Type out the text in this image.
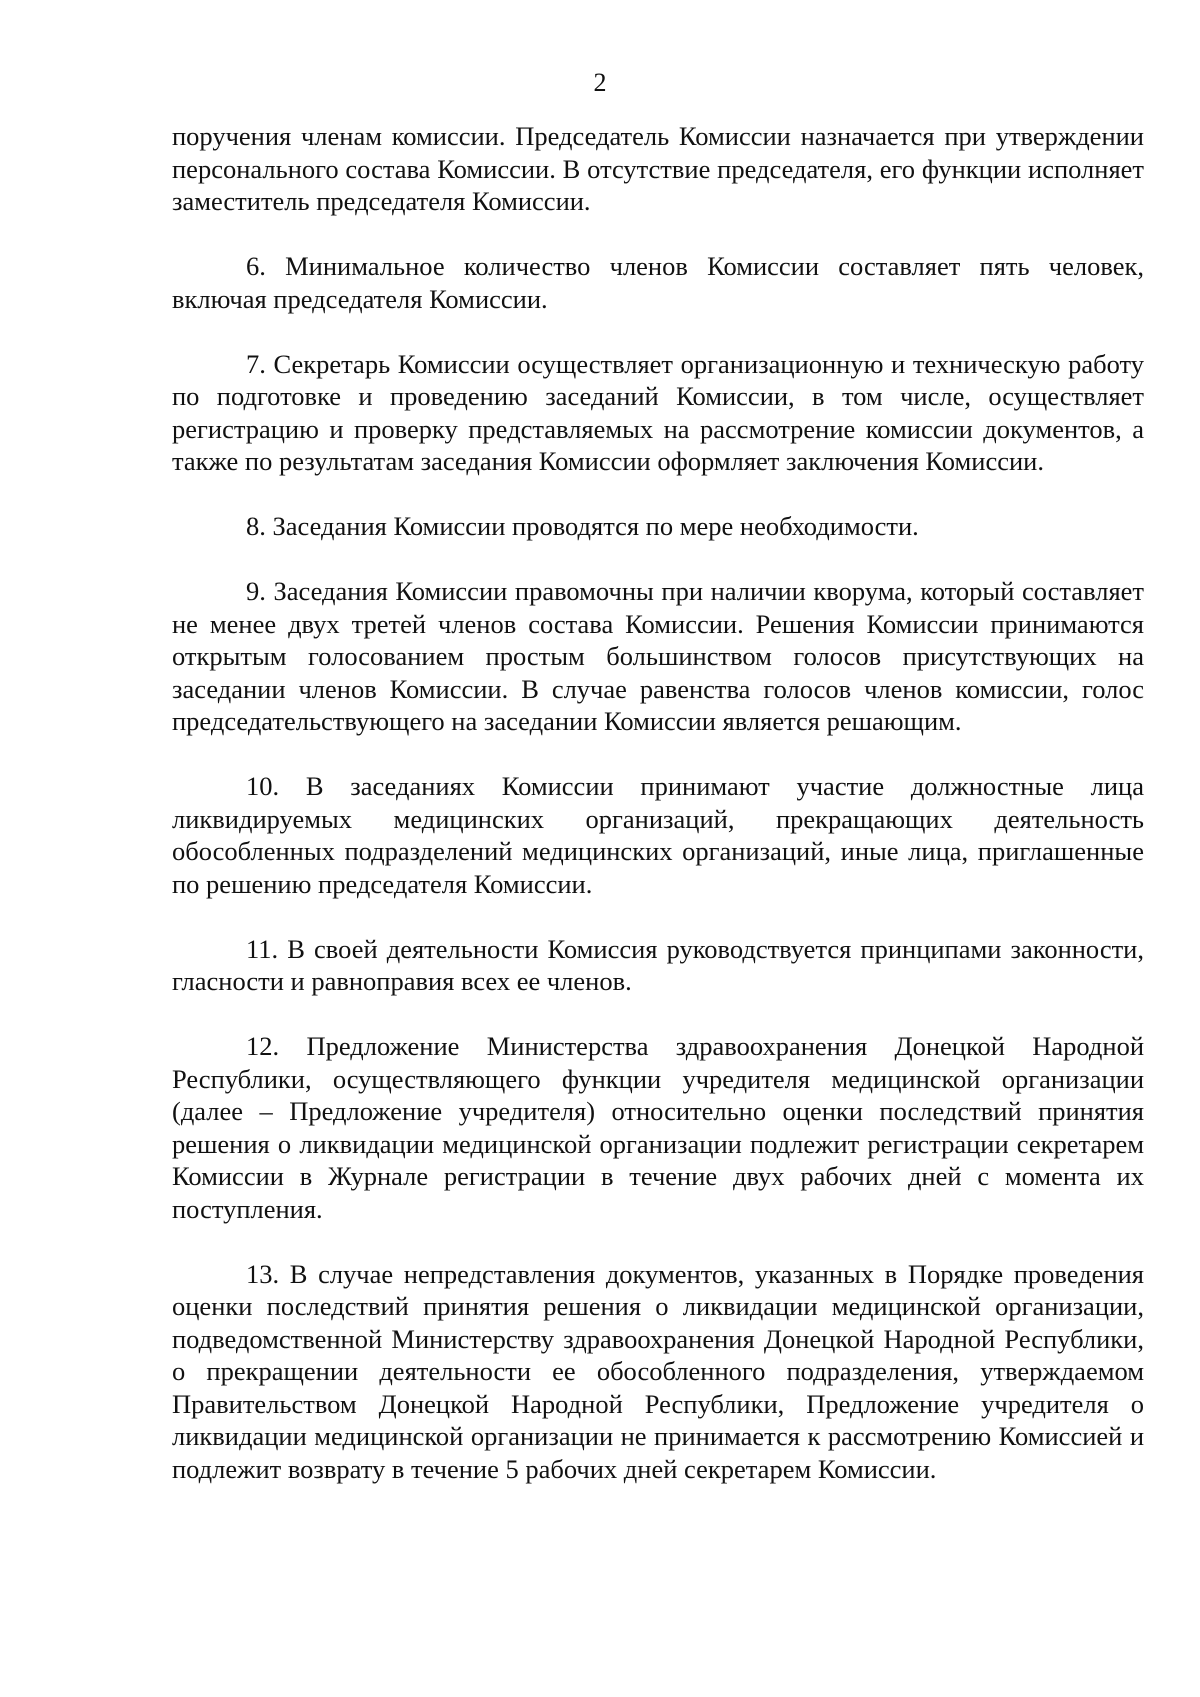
2

поручения членам комиссии. Председатель Комиссии назначается при утверждении персонального состава Комиссии. В отсутствие председателя, его функции исполняет заместитель председателя Комиссии.

6. Минимальное количество членов Комиссии составляет пять человек, включая председателя Комиссии.

7. Секретарь Комиссии осуществляет организационную и техническую работу по подготовке и проведению заседаний Комиссии, в том числе, осуществляет регистрацию и проверку представляемых на рассмотрение комиссии документов, а также по результатам заседания Комиссии оформляет заключения Комиссии.

8. Заседания Комиссии проводятся по мере необходимости.

9. Заседания Комиссии правомочны при наличии кворума, который составляет не менее двух третей членов состава Комиссии. Решения Комиссии принимаются открытым голосованием простым большинством голосов присутствующих на заседании членов Комиссии. В случае равенства голосов членов комиссии, голос председательствующего на заседании Комиссии является решающим.

10. В заседаниях Комиссии принимают участие должностные лица ликвидируемых медицинских организаций, прекращающих деятельность обособленных подразделений медицинских организаций, иные лица, приглашенные по решению председателя Комиссии.

11. В своей деятельности Комиссия руководствуется принципами законности, гласности и равноправия всех ее членов.

12. Предложение Министерства здравоохранения Донецкой Народной Республики, осуществляющего функции учредителя медицинской организации (далее – Предложение учредителя) относительно оценки последствий принятия решения о ликвидации медицинской организации подлежит регистрации секретарем Комиссии в Журнале регистрации в течение двух рабочих дней с момента их поступления.

13. В случае непредставления документов, указанных в Порядке проведения оценки последствий принятия решения о ликвидации медицинской организации, подведомственной Министерству здравоохранения Донецкой Народной Республики, о прекращении деятельности ее обособленного подразделения, утверждаемом Правительством Донецкой Народной Республики, Предложение учредителя о ликвидации медицинской организации не принимается к рассмотрению Комиссией и подлежит возврату в течение 5 рабочих дней секретарем Комиссии.
